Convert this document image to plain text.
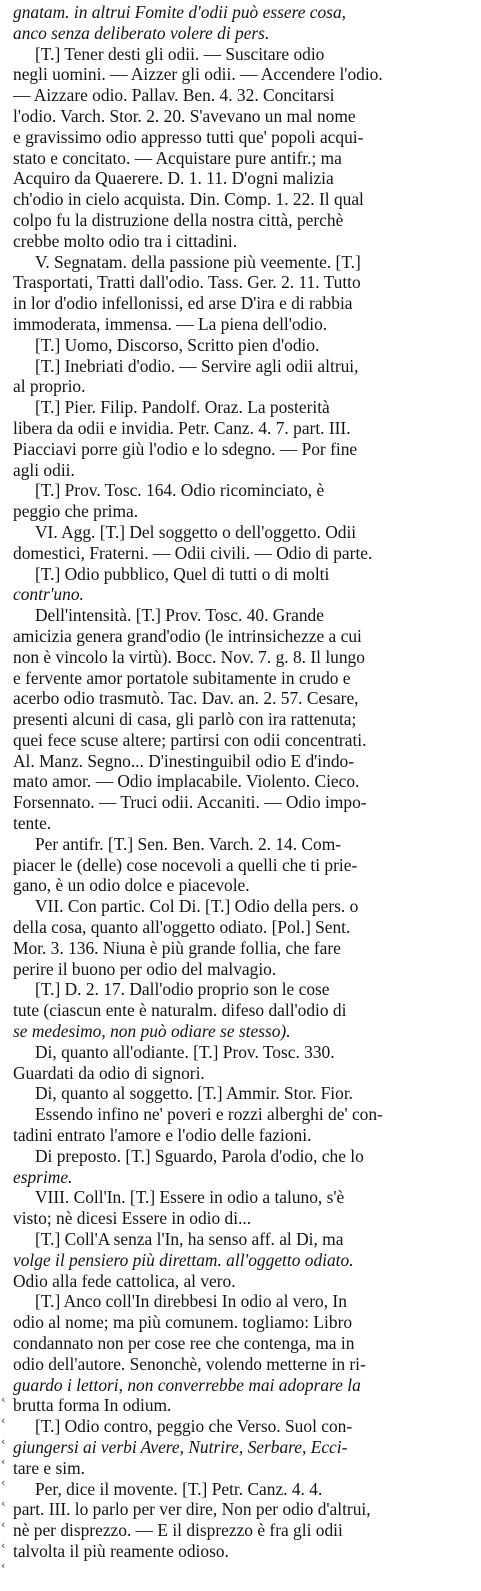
gnatam. in altrui Fomite d'odii può essere cosa,
anco senza deliberato volere di pers.
[T.] Tener desti gli odii. — Suscitare odio
negli uomini. — Aizzer gli odii. — Accendere l'odio.
— Aizzare odio. Pallav. Ben. 4. 32. Concitarsi
l'odio. Varch. Stor. 2. 20. S'avevano un mal nome
e gravissimo odio appresso tutti que' popoli acqui-
stato e concitato. — Acquistare pure antifr.; ma
Acquiro da Quaerere. D. 1. 11. D'ogni malizia
ch'odio in cielo acquista. Din. Comp. 1. 22. Il qual
colpo fu la distruzione della nostra città, perchè
crebbe molto odio tra i cittadini.
V. Segnatam. della passione più veemente. [T.]
Trasportati, Tratti dall'odio. Tass. Ger. 2. 11. Tutto
in lor d'odio infellonissi, ed arse D'ira e di rabbia
immoderata, immensa. — La piena dell'odio.
[T.] Uomo, Discorso, Scritto pien d'odio.
[T.] Inebriati d'odio. — Servire agli odii altrui,
al proprio.
[T.] Pier. Filip. Pandolf. Oraz. La posterità
libera da odii e invidia. Petr. Canz. 4. 7. part. III.
Piacciavi porre giù l'odio e lo sdegno. — Por fine
agli odii.
[T.] Prov. Tosc. 164. Odio ricominciato, è
peggio che prima.
VI. Agg. [T.] Del soggetto o dell'oggetto. Odii
domestici, Fraterni. — Odii civili. — Odio di parte.
[T.] Odio pubblico, Quel di tutti o di molti
contr'uno.
Dell'intensità. [T.] Prov. Tosc. 40. Grande
amicizia genera grand'odio (le intrinsichezze a cui
non è vincolo la virtù). Bocc. Nov. 7. g. 8. Il lungo
e fervente amor portatole subitamente in crudo e
acerbo odio trasmutò. Tac. Dav. an. 2. 57. Cesare,
presenti alcuni di casa, gli parlò con ira rattenuta;
quei fece scuse altere; partirsi con odii concentrati.
Al. Manz. Segno... D'inestinguibil odio E d'indo-
mato amor. — Odio implacabile. Violento. Cieco.
Forsennato. — Truci odii. Accaniti. — Odio impo-
tente.
Per antifr. [T.] Sen. Ben. Varch. 2. 14. Com-
piacer le (delle) cose nocevoli a quelli che ti prie-
gano, è un odio dolce e piacevole.
VII. Con partic. Col Di. [T.] Odio della pers. o
della cosa, quanto all'oggetto odiato. [Pol.] Sent.
Mor. 3. 136. Niuna è più grande follia, che fare
perire il buono per odio del malvagio.
[T.] D. 2. 17. Dall'odio proprio son le cose
tute (ciascun ente è naturalm. difeso dall'odio di
se medesimo, non può odiare se stesso).
Di, quanto all'odiante. [T.] Prov. Tosc. 330.
Guardati da odio di signori.
Di, quanto al soggetto. [T.] Ammir. Stor. Fior.
Essendo infino ne' poveri e rozzi alberghi de' con-
tadini entrato l'amore e l'odio delle fazioni.
Di preposto. [T.] Sguardo, Parola d'odio, che lo
esprime.
VIII. Coll'In. [T.] Essere in odio a taluno, s'è
visto; nè dicesi Essere in odio di...
[T.] Coll'A senza l'In, ha senso aff. al Di, ma
volge il pensiero più direttam. all'oggetto odiato.
Odio alla fede cattolica, al vero.
[T.] Anco coll'In direbbesi In odio al vero, In
odio al nome; ma più comunem. togliamo: Libro
condannato non per cose ree che contenga, ma in
odio dell'autore. Senonchè, volendo metterne in ri-
guardo i lettori, non converrebbe mai adoprare la
brutta forma In odium.
[T.] Odio contro, peggio che Verso. Suol con-
giungersi ai verbi Avere, Nutrire, Serbare, Ecci-
tare e sim.
Per, dice il movente. [T.] Petr. Canz. 4. 4.
part. III. lo parlo per ver dire, Non per odio d'altrui,
nè per disprezzo. — E il disprezzo è fra gli odii
talvolta il più reamente odioso.
‹
‹
‹
‹
‹
‹
‹
‹
‹
